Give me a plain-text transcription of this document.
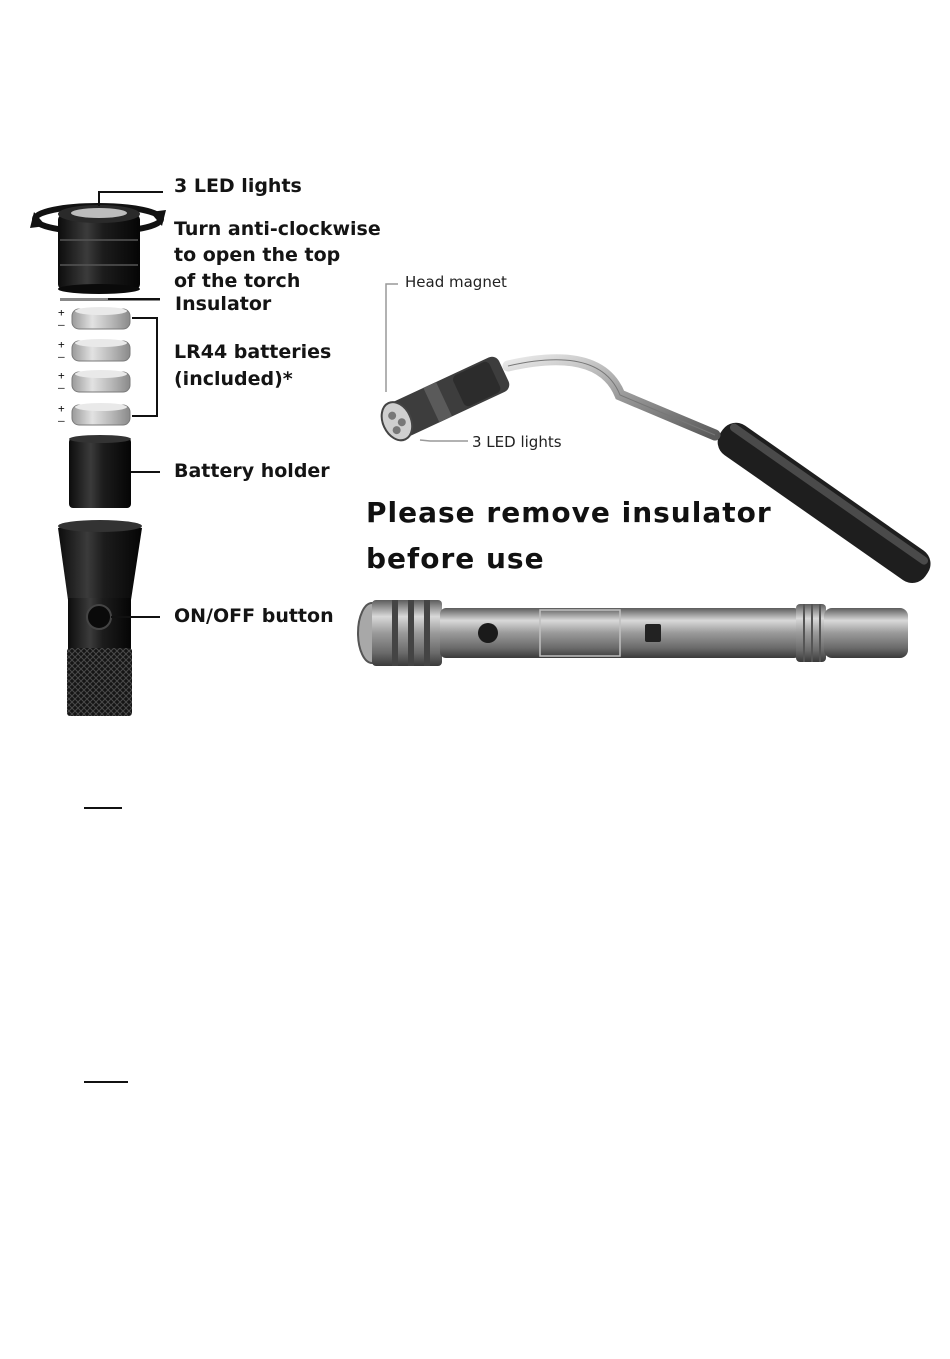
3 LED lights
Turn anti-clockwise
to open the top
of the torch
Insulator
LR44 batteries
(included)*
Battery holder
ON/OFF button
+
–
+
–
+
–
+
–
Head magnet
3 LED lights
Please remove insulator
before use
